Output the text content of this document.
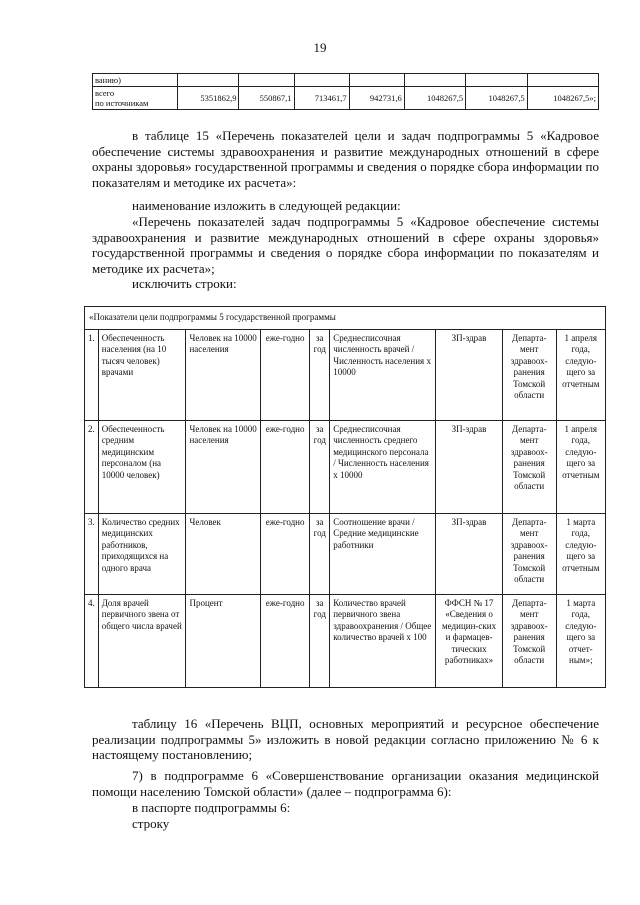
19
ванию)							

всего
по источникам	5351862,9	550867,1	713461,7	942731,6	1048267,5	1048267,5	1048267,5»;
в таблице 15 «Перечень показателей цели и задач подпрограммы 5 «Кадровое обеспечение системы здравоохранения и развитие международных отношений в сфере охраны здоровья» государственной программы и сведения о порядке сбора информации по показателям и методике их расчета»:
наименование изложить в следующей редакции:
«Перечень показателей задач подпрограммы 5 «Кадровое обеспечение системы здравоохранения и развитие международных отношений в сфере охраны здоровья» государственной программы и сведения о порядке сбора информации по показателям и методике их расчета»;
исключить строки:
«Показатели цели подпрограммы 5 государственной программы								
1.	Обеспеченность населения (на 10 тысяч человек) врачами	Человек на 10000 населения	еже-годно	за год	Среднесписочная численность врачей / Численность населения х 10000	ЗП-здрав	Департа-мент здравоох-ранения Томской области	1 апреля года, следую-щего за отчетным
2.	Обеспеченность средним медицинским персоналом (на 10000 человек)	Человек на 10000 населения	еже-годно	за год	Среднесписочная численность среднего медицинского персонала / Численность населения х 10000	ЗП-здрав	Департа-мент здравоох-ранения Томской области	1 апреля года, следую-щего за отчетным
3.	Количество средних медицинских работников, приходящихся на одного врача	Человек	еже-годно	за год	Соотношение врачи / Средние медицинские работники	ЗП-здрав	Департа-мент здравоох-ранения Томской области	1 марта года, следую-щего за отчетным
4.	Доля врачей первичного звена от общего числа врачей	Процент	еже-годно	за год	Количество врачей первичного звена здравоохранения / Общее количество врачей х 100	ФФСН № 17 «Сведения о медицин-ских и фармацев-тических работниках»	Департа-мент здравоох-ранения Томской области	1 марта года, следую-щего за отчет-ным»;
таблицу 16 «Перечень ВЦП, основных мероприятий и ресурсное обеспечение реализации подпрограммы 5» изложить в новой редакции согласно приложению № 6 к настоящему постановлению;
7) в подпрограмме 6 «Совершенствование организации оказания медицинской помощи населению Томской области» (далее – подпрограмма 6):
в паспорте подпрограммы 6:
строку
